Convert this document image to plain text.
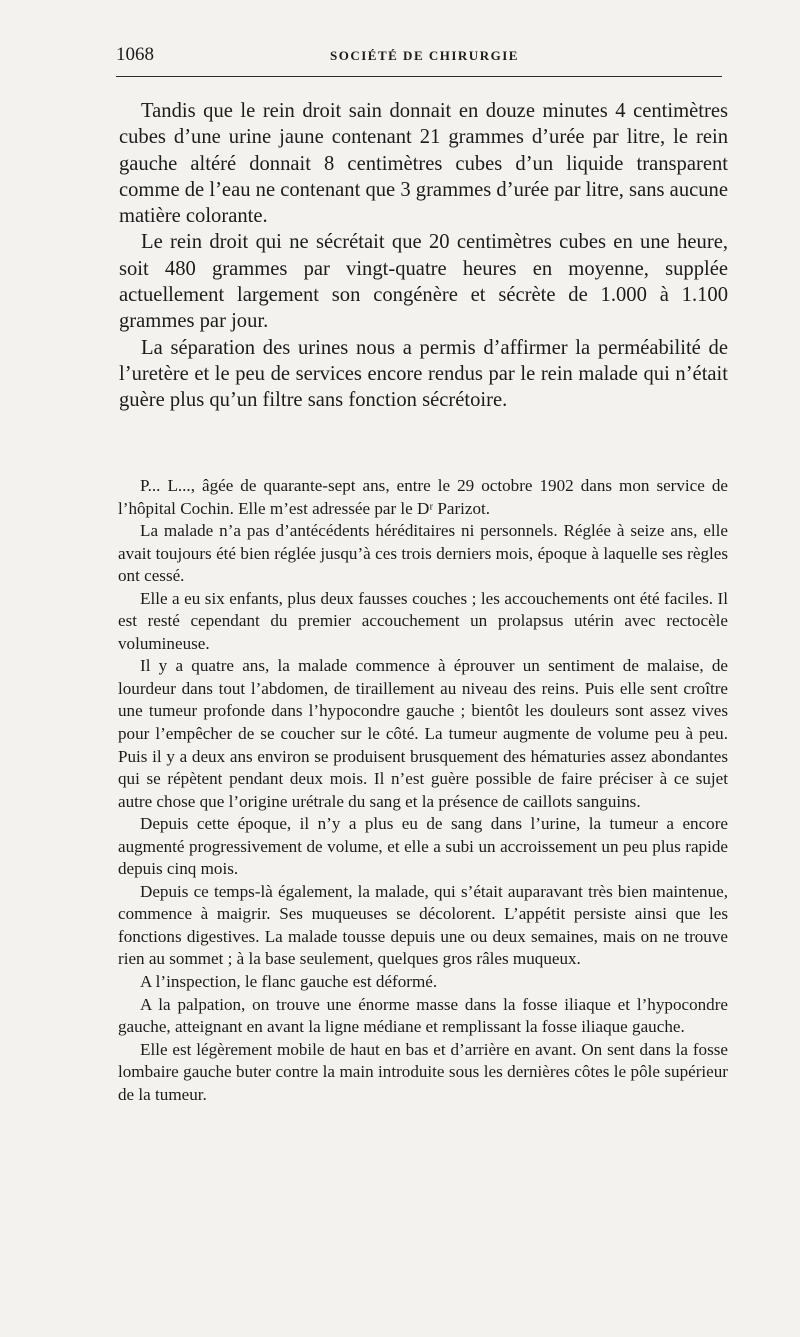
1068	SOCIÉTÉ DE CHIRURGIE

Tandis que le rein droit sain donnait en douze minutes 4 centimètres cubes d’une urine jaune contenant 21 grammes d’urée par litre, le rein gauche altéré donnait 8 centimètres cubes d’un liquide transparent comme de l’eau ne contenant que 3 grammes d’urée par litre, sans aucune matière colorante.

Le rein droit qui ne sécrétait que 20 centimètres cubes en une heure, soit 480 grammes par vingt-quatre heures en moyenne, supplée actuellement largement son congénère et sécrète de 1.000 à 1.100 grammes par jour.

La séparation des urines nous a permis d’affirmer la perméabilité de l’uretère et le peu de services encore rendus par le rein malade qui n’était guère plus qu’un filtre sans fonction sécrétoire.

P... L..., âgée de quarante-sept ans, entre le 29 octobre 1902 dans mon service de l’hôpital Cochin. Elle m’est adressée par le Dʳ Parizot.

La malade n’a pas d’antécédents héréditaires ni personnels. Réglée à seize ans, elle avait toujours été bien réglée jusqu’à ces trois derniers mois, époque à laquelle ses règles ont cessé.

Elle a eu six enfants, plus deux fausses couches ; les accouchements ont été faciles. Il est resté cependant du premier accouchement un prolapsus utérin avec rectocèle volumineuse.

Il y a quatre ans, la malade commence à éprouver un sentiment de malaise, de lourdeur dans tout l’abdomen, de tiraillement au niveau des reins. Puis elle sent croître une tumeur profonde dans l’hypocondre gauche ; bientôt les douleurs sont assez vives pour l’empêcher de se coucher sur le côté. La tumeur augmente de volume peu à peu. Puis il y a deux ans environ se produisent brusquement des hématuries assez abondantes qui se répètent pendant deux mois. Il n’est guère possible de faire préciser à ce sujet autre chose que l’origine urétrale du sang et la présence de caillots sanguins.

Depuis cette époque, il n’y a plus eu de sang dans l’urine, la tumeur a encore augmenté progressivement de volume, et elle a subi un accroissement un peu plus rapide depuis cinq mois.

Depuis ce temps-là également, la malade, qui s’était auparavant très bien maintenue, commence à maigrir. Ses muqueuses se décolorent. L’appétit persiste ainsi que les fonctions digestives. La malade tousse depuis une ou deux semaines, mais on ne trouve rien au sommet ; à la base seulement, quelques gros râles muqueux.

A l’inspection, le flanc gauche est déformé.

A la palpation, on trouve une énorme masse dans la fosse iliaque et l’hypocondre gauche, atteignant en avant la ligne médiane et remplissant la fosse iliaque gauche.

Elle est légèrement mobile de haut en bas et d’arrière en avant. On sent dans la fosse lombaire gauche buter contre la main introduite sous les dernières côtes le pôle supérieur de la tumeur.
